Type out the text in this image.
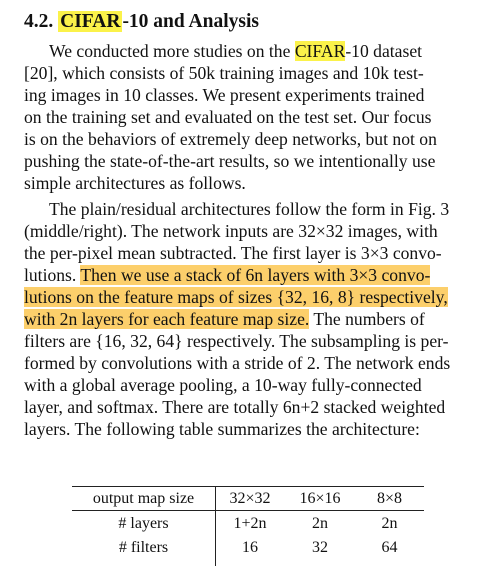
4.2. CIFAR -10 and Analysis
We conducted more studies on the CIFAR-10 dataset
[20], which consists of 50k training images and 10k test-
ing images in 10 classes. We present experiments trained
on the training set and evaluated on the test set. Our focus
is on the behaviors of extremely deep networks, but not on
pushing the state-of-the-art results, so we intentionally use
simple architectures as follows.
The plain/residual architectures follow the form in Fig. 3
(middle/right). The network inputs are 32×32 images, with
the per-pixel mean subtracted. The first layer is 3×3 convo-
lutions. Then we use a stack of 6n layers with 3×3 convo-
lutions on the feature maps of sizes {32, 16, 8} respectively,
with 2n layers for each feature map size. The numbers of
filters are {16, 32, 64} respectively. The subsampling is per-
formed by convolutions with a stride of 2. The network ends
with a global average pooling, a 10-way fully-connected
layer, and softmax. There are totally 6n+2 stacked weighted
layers. The following table summarizes the architecture:
output map size	32×32	16×16	8×8
# layers	1+2n	2n	2n
# filters	16	32	64
